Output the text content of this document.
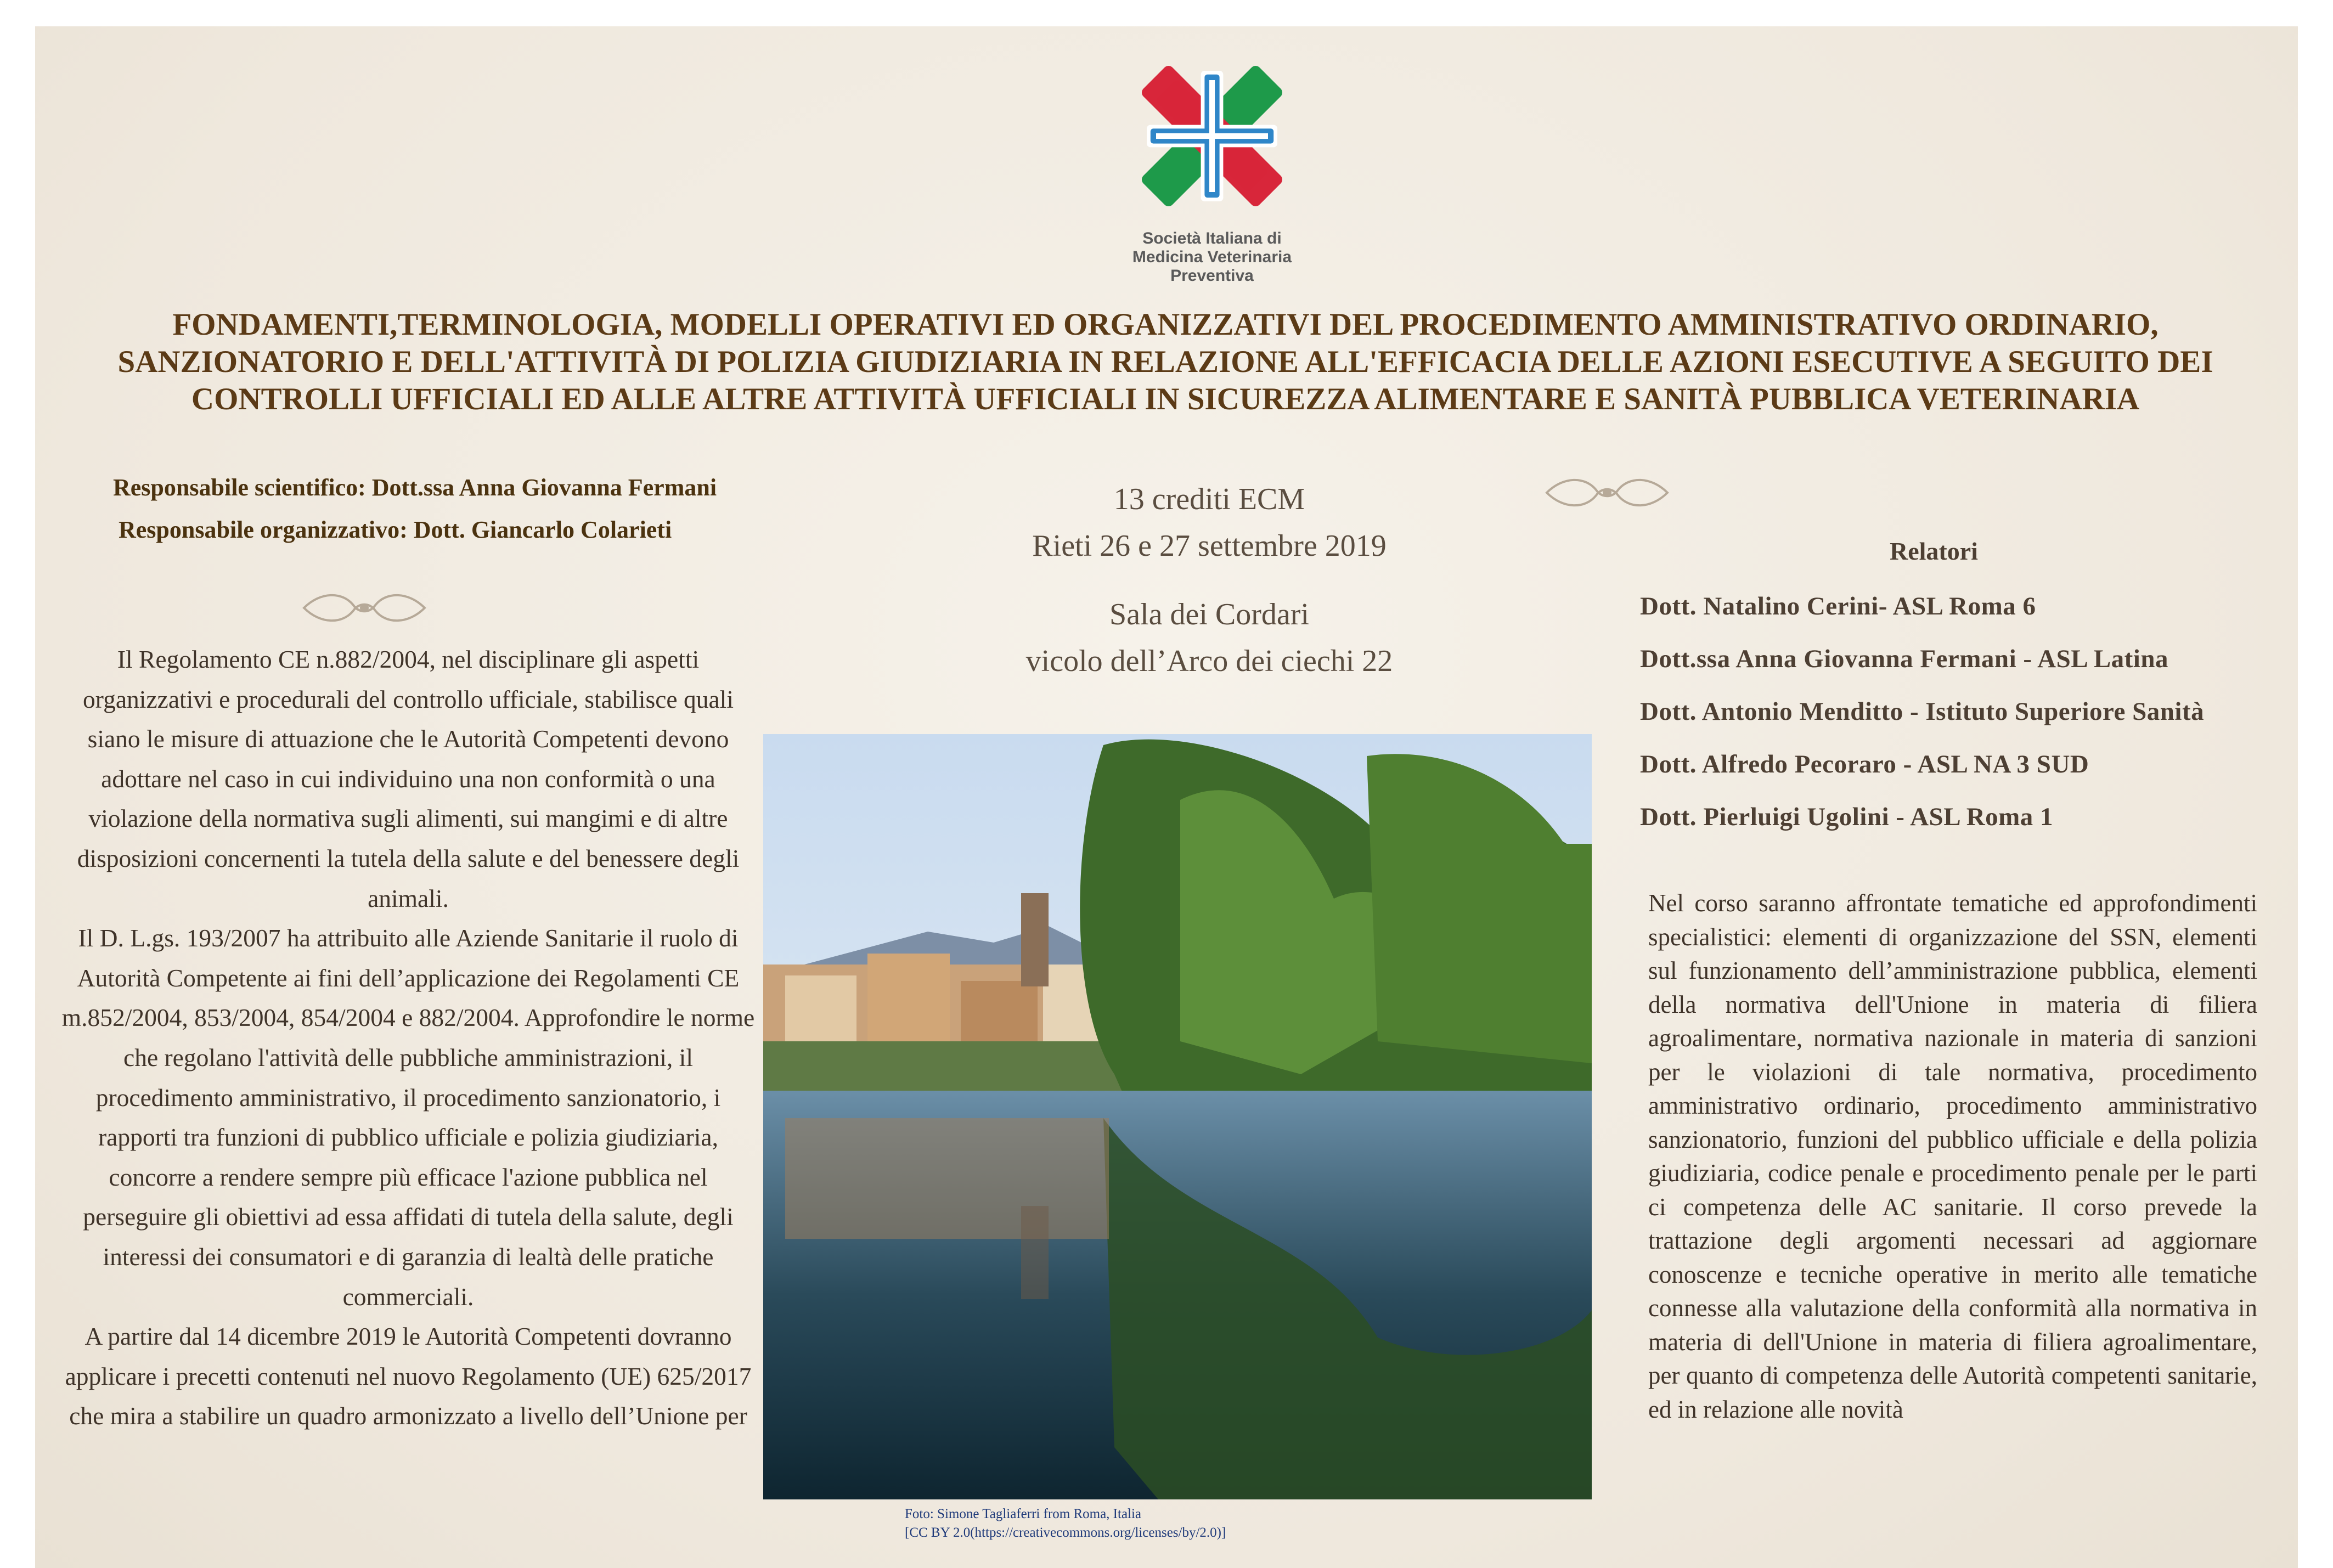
Società Italiana di
Medicina Veterinaria
Preventiva
FONDAMENTI,TERMINOLOGIA, MODELLI OPERATIVI ED ORGANIZZATIVI DEL PROCEDIMENTO AMMINISTRATIVO ORDINARIO, SANZIONATORIO E DELL'ATTIVITÀ DI POLIZIA GIUDIZIARIA IN RELAZIONE ALL'EFFICACIA DELLE AZIONI ESECUTIVE A SEGUITO DEI CONTROLLI UFFICIALI ED ALLE ALTRE ATTIVITÀ UFFICIALI IN SICUREZZA ALIMENTARE E SANITÀ PUBBLICA VETERINARIA
Responsabile scientifico: Dott.ssa Anna Giovanna Fermani
Responsabile organizzativo: Dott. Giancarlo Colarieti
13 crediti ECM
Rieti 26 e 27 settembre 2019
Sala dei Cordari
vicolo dell’Arco dei ciechi 22

Il Regolamento CE n.882/2004, nel disciplinare gli aspetti organizzativi e procedurali del controllo ufficiale, stabilisce quali siano le misure di attuazione che le Autorità Competenti devono adottare nel caso in cui individuino una non conformità o una violazione della normativa sugli alimenti, sui mangimi e di altre disposizioni concernenti la tutela della salute e del benessere degli animali.

Il D. L.gs. 193/2007 ha attribuito alle Aziende Sanitarie il ruolo di Autorità Competente ai fini dell’applicazione dei Regolamenti CE m.852/2004, 853/2004, 854/2004 e 882/2004. Approfondire le norme che regolano l'attività delle pubbliche amministrazioni, il procedimento amministrativo, il procedimento sanzionatorio, i rapporti tra funzioni di pubblico ufficiale e polizia giudiziaria, concorre a rendere sempre più efficace l'azione pubblica nel perseguire gli obiettivi ad essa affidati di tutela della salute, degli interessi dei consumatori e di garanzia di lealtà delle pratiche commerciali.

A partire dal 14 dicembre 2019 le Autorità Competenti dovranno applicare i precetti contenuti nel nuovo Regolamento (UE) 625/2017 che mira a stabilire un quadro armonizzato a livello dell’Unione per

Foto: Simone Tagliaferri from Roma, Italia
[CC BY 2.0(https://creativecommons.org/licenses/by/2.0)]
Relatori
Dott. Natalino Cerini- ASL Roma 6
Dott.ssa Anna Giovanna Fermani - ASL Latina
Dott. Antonio Menditto - Istituto Superiore Sanità
Dott. Alfredo Pecoraro - ASL NA 3 SUD
Dott. Pierluigi Ugolini - ASL Roma 1
Nel corso saranno affrontate tematiche ed approfondimenti specialistici: elementi di organizzazione del SSN, elementi sul funzionamento dell’amministrazione pubblica, elementi della normativa dell'Unione in materia di filiera agroalimentare, normativa nazionale in materia di sanzioni per le violazioni di tale normativa, procedimento amministrativo ordinario, procedimento amministrativo sanzionatorio, funzioni del pubblico ufficiale e della polizia giudiziaria, codice penale e procedimento penale per le parti ci competenza delle AC sanitarie. Il corso prevede la trattazione degli argomenti necessari ad aggiornare conoscenze e tecniche operative in merito alle tematiche connesse alla valutazione della conformità alla normativa in materia di dell'Unione in materia di filiera agroalimentare, per quanto di competenza delle Autorità competenti sanitarie, ed in relazione alle novità
